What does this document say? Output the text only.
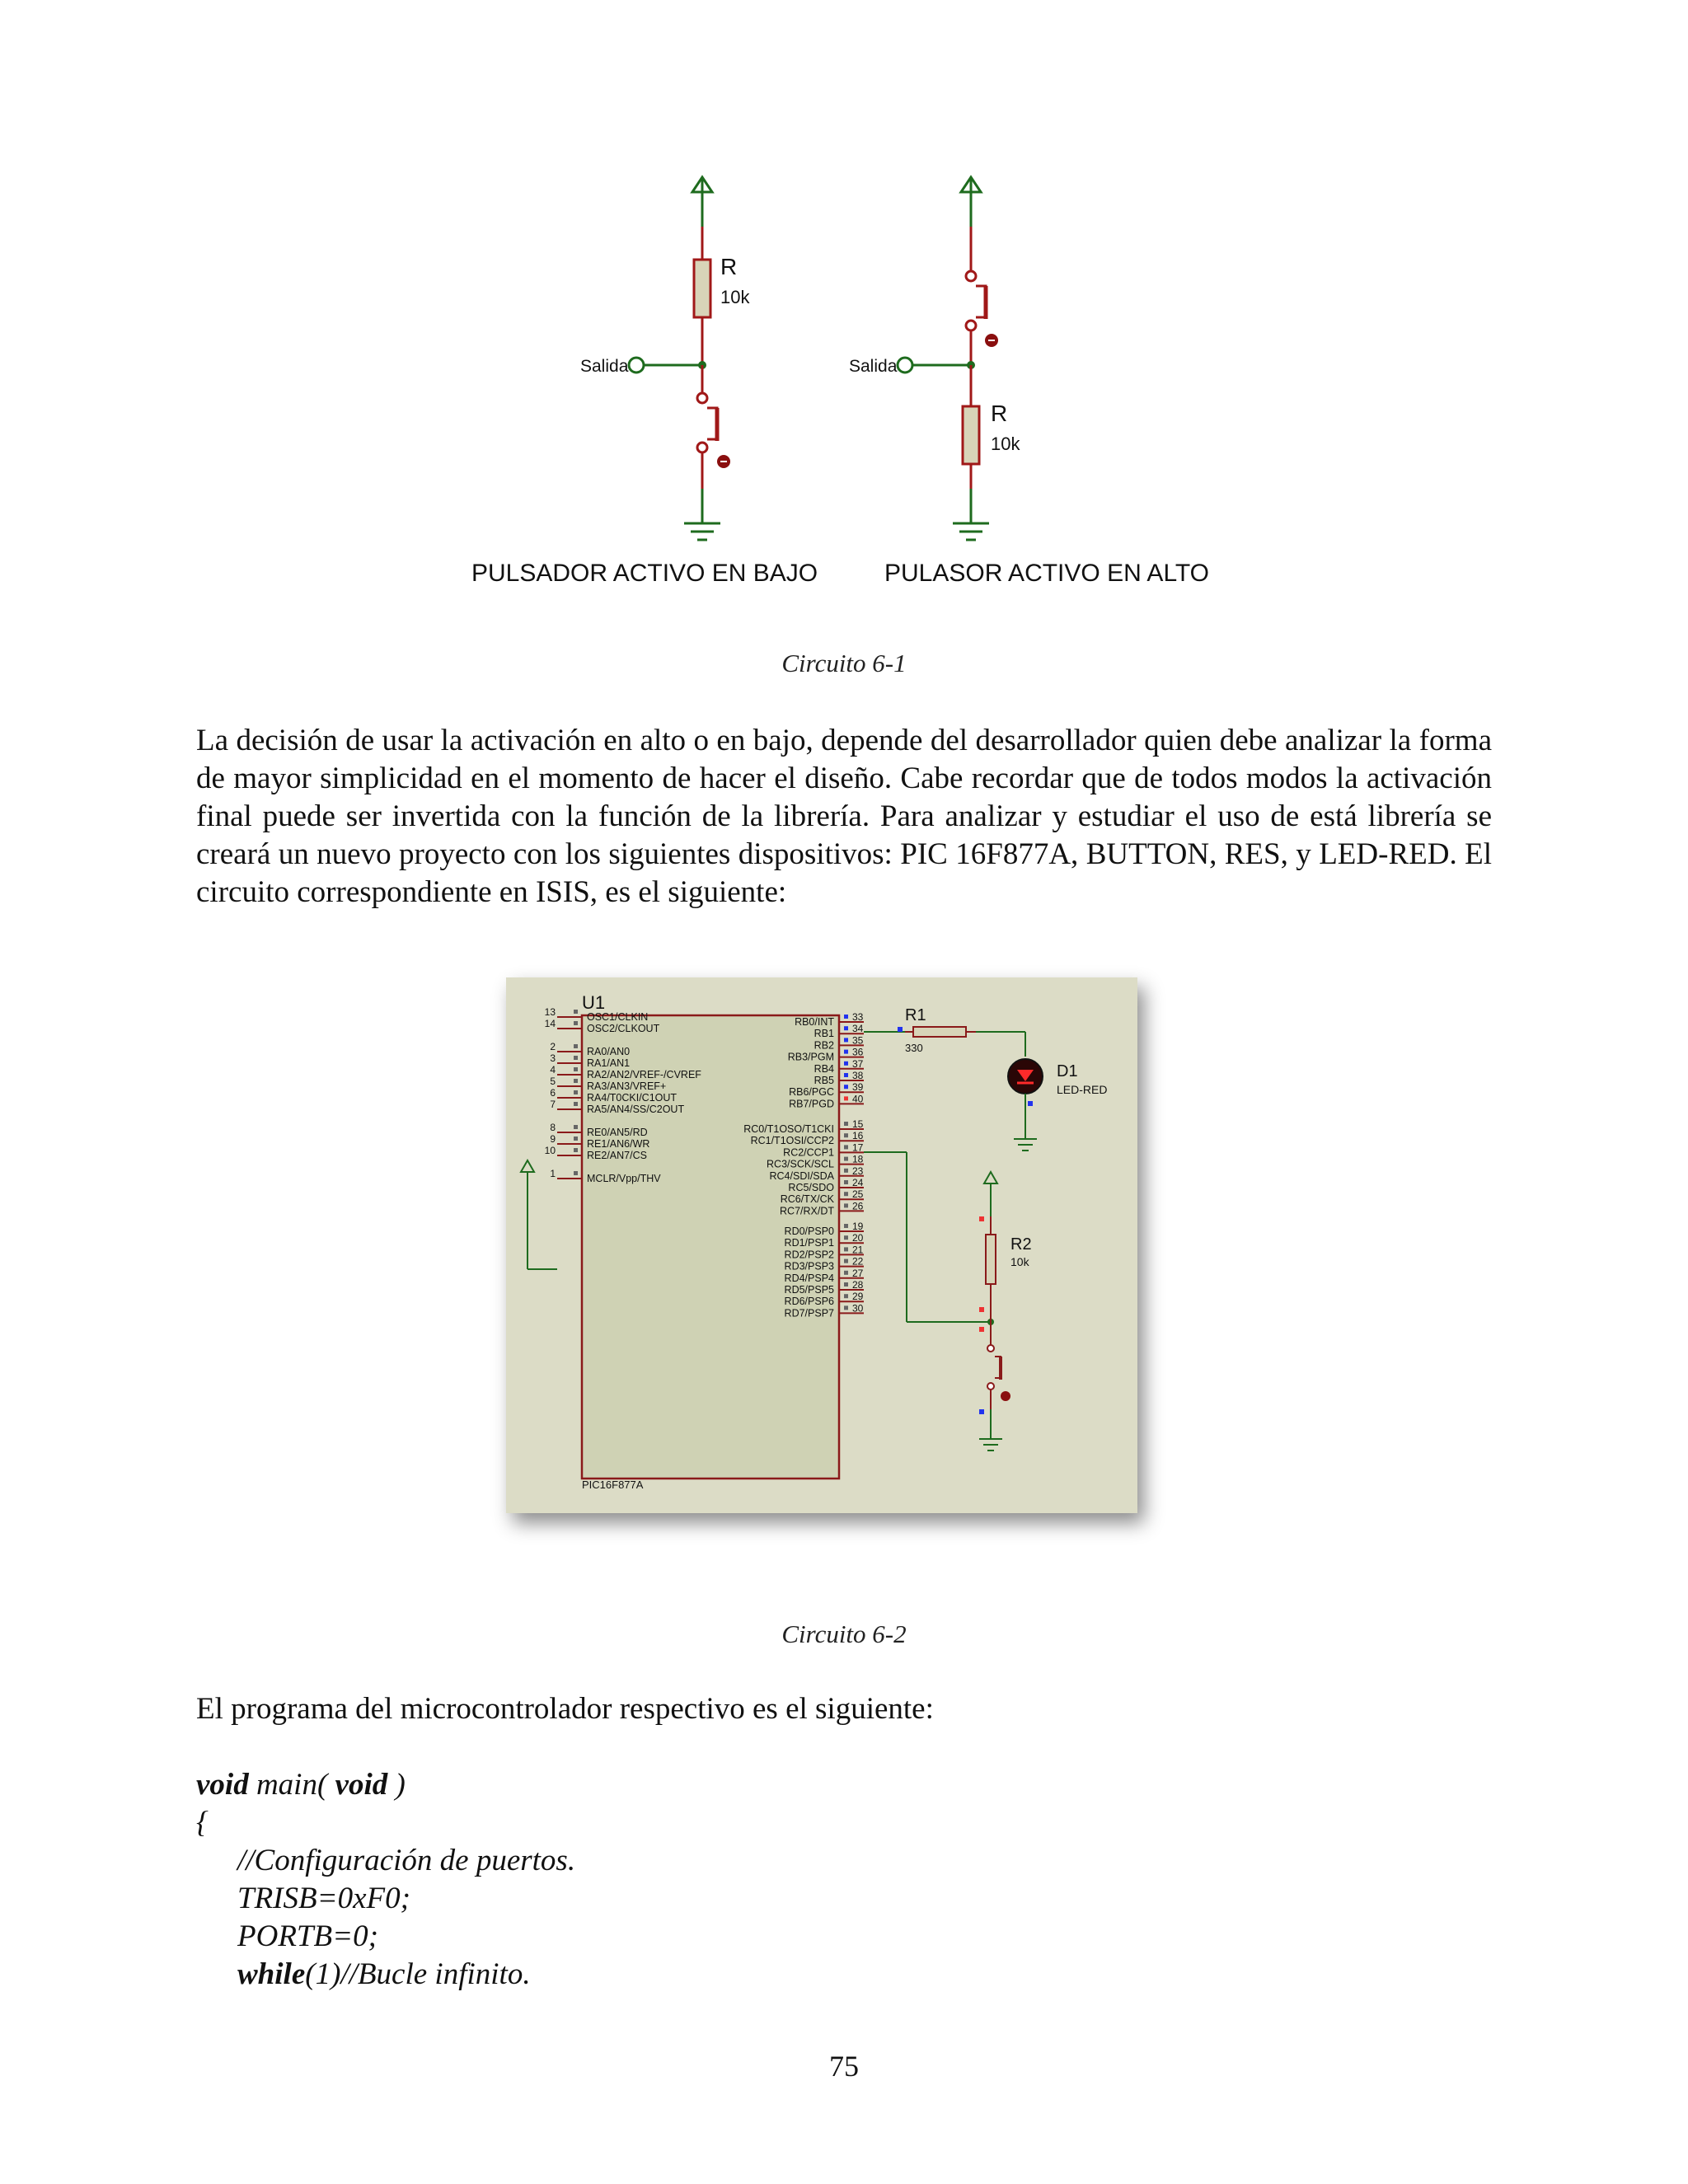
R
10k
Salida
PULSADOR ACTIVO EN BAJO
R
10k
Salida
PULASOR ACTIVO EN ALTO
Circuito 6-1
La decisión de usar la activación en alto o en bajo, depende del desarrollador quien debe analizar la forma de mayor simplicidad en el momento de hacer el diseño. Cabe recordar que de todos modos la activación final puede ser invertida con la función de la librería. Para analizar y estudiar el uso de está librería se creará un nuevo proyecto con los siguientes dispositivos: PIC 16F877A, BUTTON, RES, y LED-RED. El circuito correspondiente en ISIS, es el siguiente:
U1
PIC16F877A
13	OSC1/CLKIN
14	OSC2/CLKOUT
2	RA0/AN0
3	RA1/AN1
4	RA2/AN2/VREF-/CVREF
5	RA3/AN3/VREF+
6	RA4/T0CKI/C1OUT
7	RA5/AN4/SS/C2OUT
8	RE0/AN5/RD
9	RE1/AN6/WR
10	RE2/AN7/CS
1	MCLR/Vpp/THV
33
RB0/INT
34
RB1
35
RB2
36
RB3/PGM
37
RB4
38
RB5
39
RB6/PGC
40
RB7/PGD
15
RC0/T1OSO/T1CKI
16
RC1/T1OSI/CCP2
17
RC2/CCP1
18
RC3/SCK/SCL
23
RC4/SDI/SDA
24
RC5/SDO
25
RC6/TX/CK
26
RC7/RX/DT
19
RD0/PSP0
20
RD1/PSP1
21
RD2/PSP2
22
RD3/PSP3
27
RD4/PSP4
28
RD5/PSP5
29
RD6/PSP6
30
RD7/PSP7
R1
330
D1
LED-RED
R2
10k
Circuito 6-2
El programa del microcontrolador respectivo es el siguiente:
void main( void )
{
//Configuración de puertos.
TRISB=0xF0;
PORTB=0;
while(1)//Bucle infinito.
75
